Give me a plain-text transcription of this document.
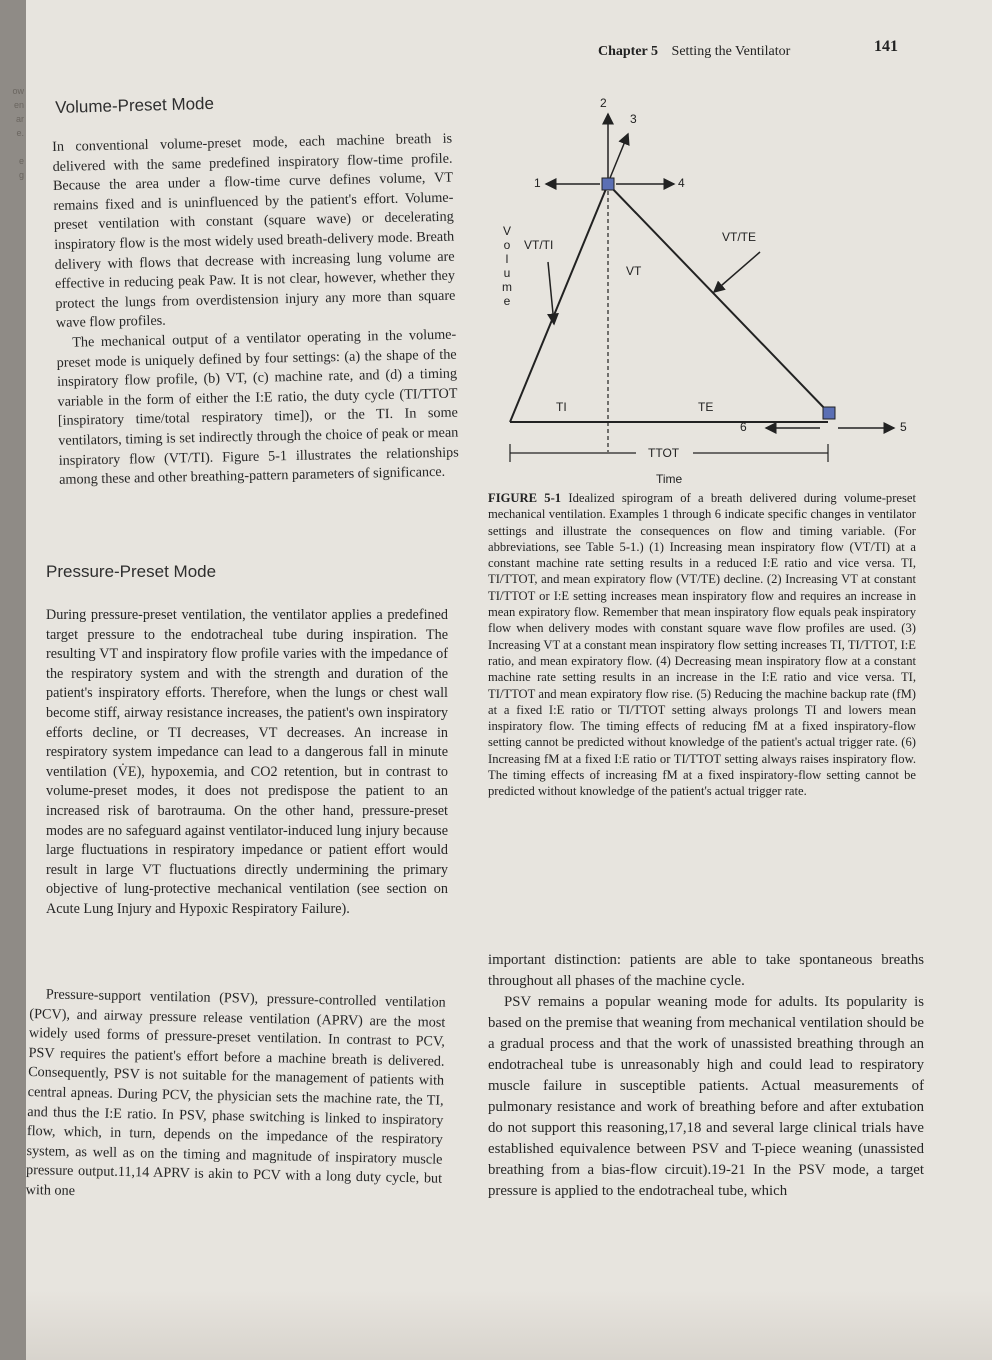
ow
en
ar
e.

e
g
Chapter 5 Setting the Ventilator	141
Volume-Preset Mode

In conventional volume-preset mode, each machine breath is delivered with the same predefined inspiratory flow-time profile. Because the area under a flow-time curve defines volume, VT remains fixed and is uninfluenced by the patient's effort. Volume-preset ventilation with constant (square wave) or decelerating inspiratory flow is the most widely used breath-delivery mode. Breath delivery with flows that decrease with increasing lung volume are effective in reducing peak Paw. It is not clear, however, whether they protect the lungs from overdistension injury any more than square wave flow profiles.

The mechanical output of a ventilator operating in the volume-preset mode is uniquely defined by four settings: (a) the shape of the inspiratory flow profile, (b) VT, (c) machine rate, and (d) a timing variable in the form of either the I:E ratio, the duty cycle (TI/TTOT [inspiratory time/total respiratory time]), or the TI. In some ventilators, timing is set indirectly through the choice of peak or mean inspiratory flow (VT/TI). Figure 5-1 illustrates the relationships among these and other breathing-pattern parameters of significance.

Pressure-Preset Mode

During pressure-preset ventilation, the ventilator applies a predefined target pressure to the endotracheal tube during inspiration. The resulting VT and inspiratory flow profile varies with the impedance of the respiratory system and with the strength and duration of the patient's inspiratory efforts. Therefore, when the lungs or chest wall become stiff, airway resistance increases, the patient's own inspiratory efforts decline, or TI decreases, VT decreases. An increase in respiratory system impedance can lead to a dangerous fall in minute ventilation (V̇E), hypoxemia, and CO2 retention, but in contrast to volume-preset modes, it does not predispose the patient to an increased risk of barotrauma. On the other hand, pressure-preset modes are no safeguard against ventilator-induced lung injury because large fluctuations in respiratory impedance or patient effort would result in large VT fluctuations directly undermining the primary objective of lung-protective mechanical ventilation (see section on Acute Lung Injury and Hypoxic Respiratory Failure).

Pressure-support ventilation (PSV), pressure-controlled ventilation (PCV), and airway pressure release ventilation (APRV) are the most widely used forms of pressure-preset ventilation. In contrast to PCV, PSV requires the patient's effort before a machine breath is delivered. Consequently, PSV is not suitable for the management of patients with central apneas. During PCV, the physician sets the machine rate, the TI, and thus the I:E ratio. In PSV, phase switching is linked to inspiratory flow, which, in turn, depends on the impedance of the respiratory system, as well as on the timing and magnitude of inspiratory muscle pressure output.11,14 APRV is akin to PCV with a long duty cycle, but with one

Volume
2
3
1	4
VT/TI
VT/TE
VT
TI	TE
6	5
TTOT
Time
FIGURE 5-1 Idealized spirogram of a breath delivered during volume-preset mechanical ventilation. Examples 1 through 6 indicate specific changes in ventilator settings and illustrate the consequences on flow and timing variable. (For abbreviations, see Table 5-1.) (1) Increasing mean inspiratory flow (VT/TI) at a constant machine rate setting results in a reduced I:E ratio and vice versa. TI, TI/TTOT, and mean expiratory flow (VT/TE) decline. (2) Increasing VT at constant TI/TTOT or I:E setting increases mean inspiratory flow and requires an increase in mean expiratory flow. Remember that mean inspiratory flow equals peak inspiratory flow when delivery modes with constant square wave flow profiles are used. (3) Increasing VT at a constant mean inspiratory flow setting increases TI, TI/TTOT, I:E ratio, and mean expiratory flow. (4) Decreasing mean inspiratory flow at a constant machine rate setting results in an increase in the I:E ratio and vice versa. TI, TI/TTOT and mean expiratory flow rise. (5) Reducing the machine backup rate (fM) at a fixed I:E ratio or TI/TTOT setting always prolongs TI and lowers mean inspiratory flow. The timing effects of reducing fM at a fixed inspiratory-flow setting cannot be predicted without knowledge of the patient's actual trigger rate. (6) Increasing fM at a fixed I:E ratio or TI/TTOT setting always raises inspiratory flow. The timing effects of increasing fM at a fixed inspiratory-flow setting cannot be predicted without knowledge of the patient's actual trigger rate.

important distinction: patients are able to take spontaneous breaths throughout all phases of the machine cycle.

PSV remains a popular weaning mode for adults. Its popularity is based on the premise that weaning from mechanical ventilation should be a gradual process and that the work of unassisted breathing through an endotracheal tube is unreasonably high and could lead to respiratory muscle failure in susceptible patients. Actual measurements of pulmonary resistance and work of breathing before and after extubation do not support this reasoning,17,18 and several large clinical trials have established equivalence between PSV and T-piece weaning (unassisted breathing from a bias-flow circuit).19-21 In the PSV mode, a target pressure is applied to the endotracheal tube, which
